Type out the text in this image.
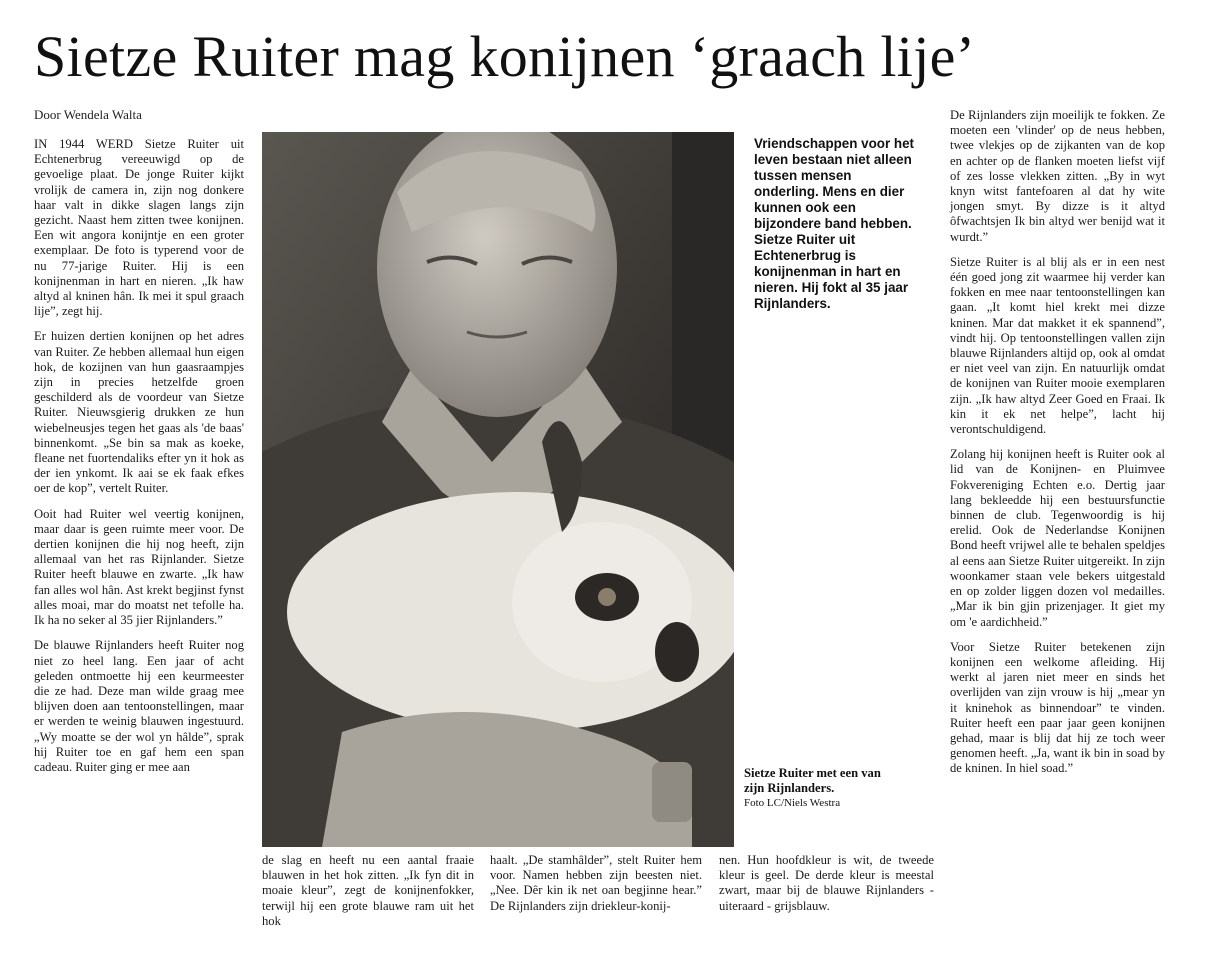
Sietze Ruiter mag konijnen ‘graach lije’
Door Wendela Walta

IN 1944 WERD Sietze Ruiter uit Echtenerbrug vereeuwigd op de gevoelige plaat. De jonge Ruiter kijkt vrolijk de camera in, zijn nog donkere haar valt in dikke slagen langs zijn gezicht. Naast hem zitten twee konijnen. Een wit angora konijntje en een groter exemplaar. De foto is typerend voor de nu 77-jarige Ruiter. Hij is een konijnenman in hart en nieren. „Ik haw altyd al kninen hân. Ik mei it spul graach lije”, zegt hij.

Er huizen dertien konijnen op het adres van Ruiter. Ze hebben allemaal hun eigen hok, de kozijnen van hun gaasraampjes zijn in precies hetzelfde groen geschilderd als de voordeur van Sietze Ruiter. Nieuwsgierig drukken ze hun wiebelneusjes tegen het gaas als 'de baas' binnenkomt. „Se bin sa mak as koeke, fleane net fuortendaliks efter yn it hok as der ien ynkomt. Ik aai se ek faak efkes oer de kop”, vertelt Ruiter.

Ooit had Ruiter wel veertig konijnen, maar daar is geen ruimte meer voor. De dertien konijnen die hij nog heeft, zijn allemaal van het ras Rijnlander. Sietze Ruiter heeft blauwe en zwarte. „Ik haw fan alles wol hân. Ast krekt begjinst fynst alles moai, mar do moatst net tefolle ha. Ik ha no seker al 35 jier Rijnlanders.”

De blauwe Rijnlanders heeft Ruiter nog niet zo heel lang. Een jaar of acht geleden ontmoette hij een keurmeester die ze had. Deze man wilde graag mee blijven doen aan tentoonstellingen, maar er werden te weinig blauwen ingestuurd. „Wy moatte se der wol yn hâlde”, sprak hij Ruiter toe en gaf hem een span cadeau. Ruiter ging er mee aan

Vriendschappen voor het leven bestaan niet alleen tussen mensen onderling. Mens en dier kunnen ook een bijzondere band hebben. Sietze Ruiter uit Echtenerbrug is konijnenman in hart en nieren. Hij fokt al 35 jaar Rijnlanders.

Sietze Ruiter met een van zijn Rijnlanders.
Foto LC/Niels Westra

de slag en heeft nu een aantal fraaie blauwen in het hok zitten. „Ik fyn dit in moaie kleur”, zegt de konijnenfokker, terwijl hij een grote blauwe ram uit het hok

haalt. „De stamhâlder”, stelt Ruiter hem voor. Namen hebben zijn beesten niet. „Nee. Dêr kin ik net oan begjinne hear.” De Rijnlanders zijn driekleur-konij-

nen. Hun hoofdkleur is wit, de tweede kleur is geel. De derde kleur is meestal zwart, maar bij de blauwe Rijnlanders - uiteraard - grijsblauw.

De Rijnlanders zijn moeilijk te fokken. Ze moeten een 'vlinder' op de neus hebben, twee vlekjes op de zijkanten van de kop en achter op de flanken moeten liefst vijf of zes losse vlekken zitten. „By in wyt knyn witst fantefoaren al dat hy wite jongen smyt. By dizze is it altyd ôfwachtsjen Ik bin altyd wer benijd wat it wurdt.”

Sietze Ruiter is al blij als er in een nest één goed jong zit waarmee hij verder kan fokken en mee naar tentoonstellingen kan gaan. „It komt hiel krekt mei dizze kninen. Mar dat makket it ek spannend”, vindt hij. Op tentoonstellingen vallen zijn blauwe Rijnlanders altijd op, ook al omdat er niet veel van zijn. En natuurlijk omdat de konijnen van Ruiter mooie exemplaren zijn. „Ik haw altyd Zeer Goed en Fraai. Ik kin it ek net helpe”, lacht hij verontschuldigend.

Zolang hij konijnen heeft is Ruiter ook al lid van de Konijnen- en Pluimvee Fokvereniging Echten e.o. Dertig jaar lang bekleedde hij een bestuursfunctie binnen de club. Tegenwoordig is hij erelid. Ook de Nederlandse Konijnen Bond heeft vrijwel alle te behalen speldjes al eens aan Sietze Ruiter uitgereikt. In zijn woonkamer staan vele bekers uitgestald en op zolder liggen dozen vol medailles. „Mar ik bin gjin prizenjager. It giet my om 'e aardichheid.”

Voor Sietze Ruiter betekenen zijn konijnen een welkome afleiding. Hij werkt al jaren niet meer en sinds het overlijden van zijn vrouw is hij „mear yn it kninehok as binnendoar” te vinden. Ruiter heeft een paar jaar geen konijnen gehad, maar is blij dat hij ze toch weer genomen heeft. „Ja, want ik bin in soad by de kninen. In hiel soad.”
